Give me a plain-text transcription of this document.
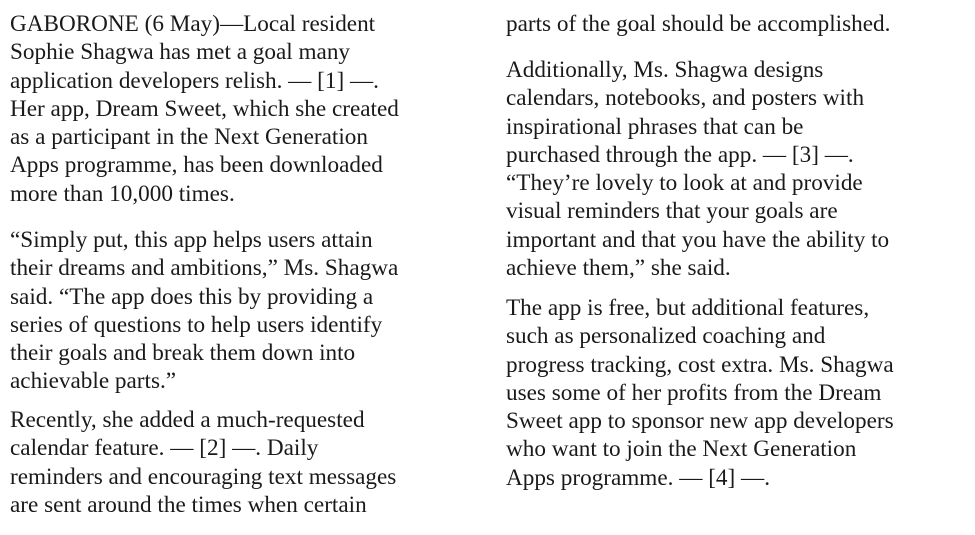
GABORONE (6 May)—Local resident
Sophie Shagwa has met a goal many
application developers relish. — [1] —.
Her app, Dream Sweet, which she created
as a participant in the Next Generation
Apps programme, has been downloaded
more than 10,000 times.

“Simply put, this app helps users attain
their dreams and ambitions,” Ms. Shagwa
said. “The app does this by providing a
series of questions to help users identify
their goals and break them down into
achievable parts.”

Recently, she added a much-requested
calendar feature. — [2] —. Daily
reminders and encouraging text messages
are sent around the times when certain

parts of the goal should be accomplished.

Additionally, Ms. Shagwa designs
calendars, notebooks, and posters with
inspirational phrases that can be
purchased through the app. — [3] —.
“They’re lovely to look at and provide
visual reminders that your goals are
important and that you have the ability to
achieve them,” she said.

The app is free, but additional features,
such as personalized coaching and
progress tracking, cost extra. Ms. Shagwa
uses some of her profits from the Dream
Sweet app to sponsor new app developers
who want to join the Next Generation
Apps programme. — [4] —.
